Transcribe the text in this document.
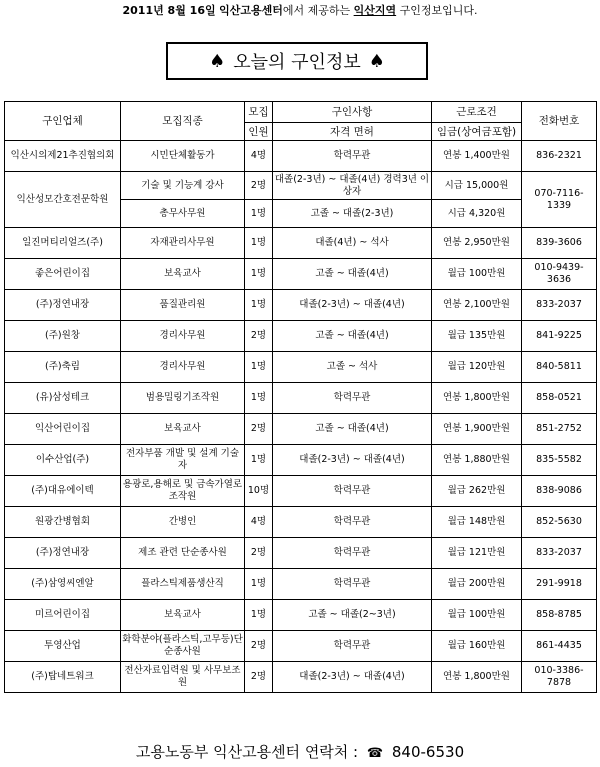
2011년 8월 16일 익산고용센터에서 제공하는 익산지역 구인정보입니다.
♠ 오늘의 구인정보 ♠
구인업체	모집직종	모집	구인사항	근로조건	전화번호
		인원	자격 면허	임금(상여금포함)	
익산시의제21추진협의회	시민단체활동가	4명	학력무관	연봉 1,400만원	836-2321
익산성모간호전문학원	기술 및 기능계 강사	2명	대졸(2-3년) ~ 대졸(4년) 경력3년 이상자	시급 15,000원	070-7116-1339
	총무사무원	1명	고졸 ~ 대졸(2-3년)	시급 4,320원	
일진머티리얼즈(주)	자재관리사무원	1명	대졸(4년) ~ 석사	연봉 2,950만원	839-3606
좋은어린이집	보육교사	1명	고졸 ~ 대졸(4년)	월급 100만원	010-9439-3636
(주)정연내장	품질관리원	1명	대졸(2-3년) ~ 대졸(4년)	연봉 2,100만원	833-2037
(주)원창	경리사무원	2명	고졸 ~ 대졸(4년)	월급 135만원	841-9225
(주)축림	경리사무원	1명	고졸 ~ 석사	월급 120만원	840-5811
(유)삼성테크	범용밀링기조작원	1명	학력무관	연봉 1,800만원	858-0521
익산어린이집	보육교사	2명	고졸 ~ 대졸(4년)	연봉 1,900만원	851-2752
이수산업(주)	전자부품 개발 및 설계 기술자	1명	대졸(2-3년) ~ 대졸(4년)	연봉 1,880만원	835-5582
(주)대유에이텍	용광로,용해로 및 금속가열로 조작원	10명	학력무관	월급 262만원	838-9086
원광간병협회	간병인	4명	학력무관	월급 148만원	852-5630
(주)정연내장	제조 관련 단순종사원	2명	학력무관	월급 121만원	833-2037
(주)삼영씨엔알	플라스틱제품생산직	1명	학력무관	월급 200만원	291-9918
미르어린이집	보육교사	1명	고졸 ~ 대졸(2~3년)	월급 100만원	858-8785
투영산업	화학분야(플라스틱,고무등)단순종사원	2명	학력무관	월급 160만원	861-4435
(주)탑네트워크	전산자료입력원 및 사무보조원	2명	대졸(2-3년) ~ 대졸(4년)	연봉 1,800만원	010-3386-7878
고용노동부 익산고용센터 연락처 : ☎ 840-6530
